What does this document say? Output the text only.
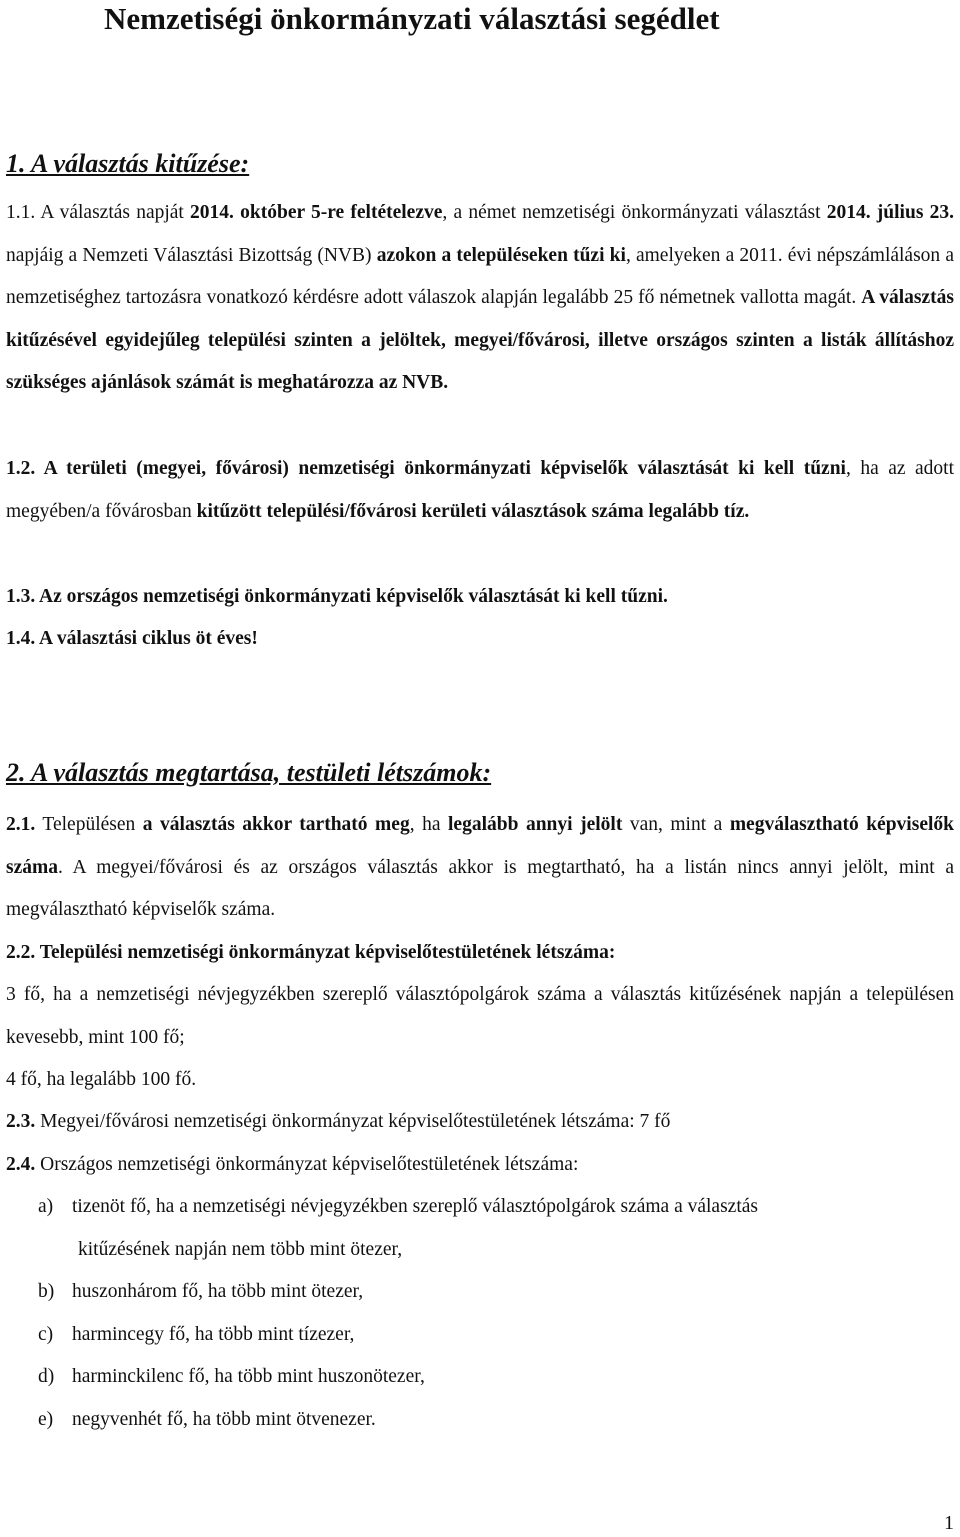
Nemzetiségi önkormányzati választási segédlet
1. A választás kitűzése:

1.1. A választás napját 2014. október 5-re feltételezve, a német nemzetiségi önkormányzati választást 2014. július 23. napjáig a Nemzeti Választási Bizottság (NVB) azokon a településeken tűzi ki, amelyeken a 2011. évi népszámláláson a nemzetiséghez tartozásra vonatkozó kérdésre adott válaszok alapján legalább 25 fő németnek vallotta magát. A választás kitűzésével egyidejűleg települési szinten a jelöltek, megyei/fővárosi, illetve országos szinten a listák állításhoz szükséges ajánlások számát is meghatározza az NVB.

1.2. A területi (megyei, fővárosi) nemzetiségi önkormányzati képviselők választását ki kell tűzni, ha az adott megyében/a fővárosban kitűzött települési/fővárosi kerületi választások száma legalább tíz.

1.3. Az országos nemzetiségi önkormányzati képviselők választását ki kell tűzni.

1.4. A választási ciklus öt éves!

2. A választás megtartása, testületi létszámok:

2.1. Településen a választás akkor tartható meg, ha legalább annyi jelölt van, mint a megválasztható képviselők száma. A megyei/fővárosi és az országos választás akkor is megtartható, ha a listán nincs annyi jelölt, mint a megválasztható képviselők száma.

2.2. Települési nemzetiségi önkormányzat képviselőtestületének létszáma:

3 fő, ha a nemzetiségi névjegyzékben szereplő választópolgárok száma a választás kitűzésének napján a településen kevesebb, mint 100 fő;

4 fő, ha legalább 100 fő.

2.3. Megyei/fővárosi nemzetiségi önkormányzat képviselőtestületének létszáma: 7 fő

2.4. Országos nemzetiségi önkormányzat képviselőtestületének létszáma:

a) tizenöt fő, ha a nemzetiségi névjegyzékben szereplő választópolgárok száma a választás
kitűzésének napján nem több mint ötezer,
b) huszonhárom fő, ha több mint ötezer,
c) harmincegy fő, ha több mint tízezer,
d) harminckilenc fő, ha több mint huszonötezer,
e) negyvenhét fő, ha több mint ötvenezer.
1
